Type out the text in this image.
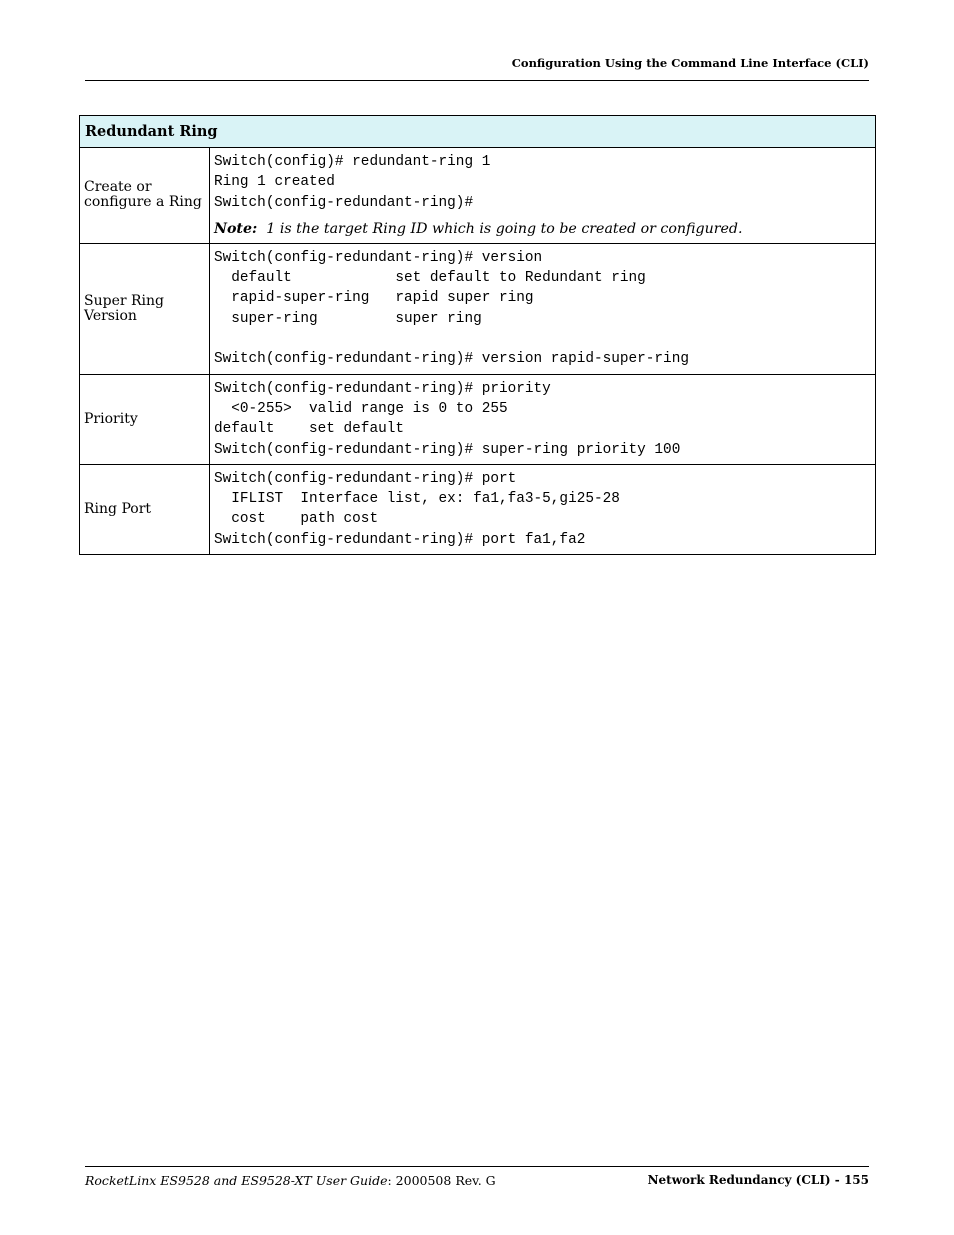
Configuration Using the Command Line Interface (CLI)
Redundant Ring	
Create or configure a Ring	Switch(config)# redundant-ring 1
Ring 1 created
Switch(config-redundant-ring)#
Note: 1 is the target Ring ID which is going to be created or configured.

Super Ring Version	Switch(config-redundant-ring)# version
default            set default to Redundant ring
rapid-super-ring   rapid super ring
super-ring         super ring
Switch(config-redundant-ring)# version rapid-super-ring

Priority	Switch(config-redundant-ring)# priority
<0-255>  valid range is 0 to 255
default    set default
Switch(config-redundant-ring)# super-ring priority 100

Ring Port	Switch(config-redundant-ring)# port
IFLIST  Interface list, ex: fa1,fa3-5,gi25-28
cost    path cost
Switch(config-redundant-ring)# port fa1,fa2
RocketLinx ES9528 and ES9528-XT User Guide: 2000508 Rev. G	Network Redundancy (CLI) - 155
